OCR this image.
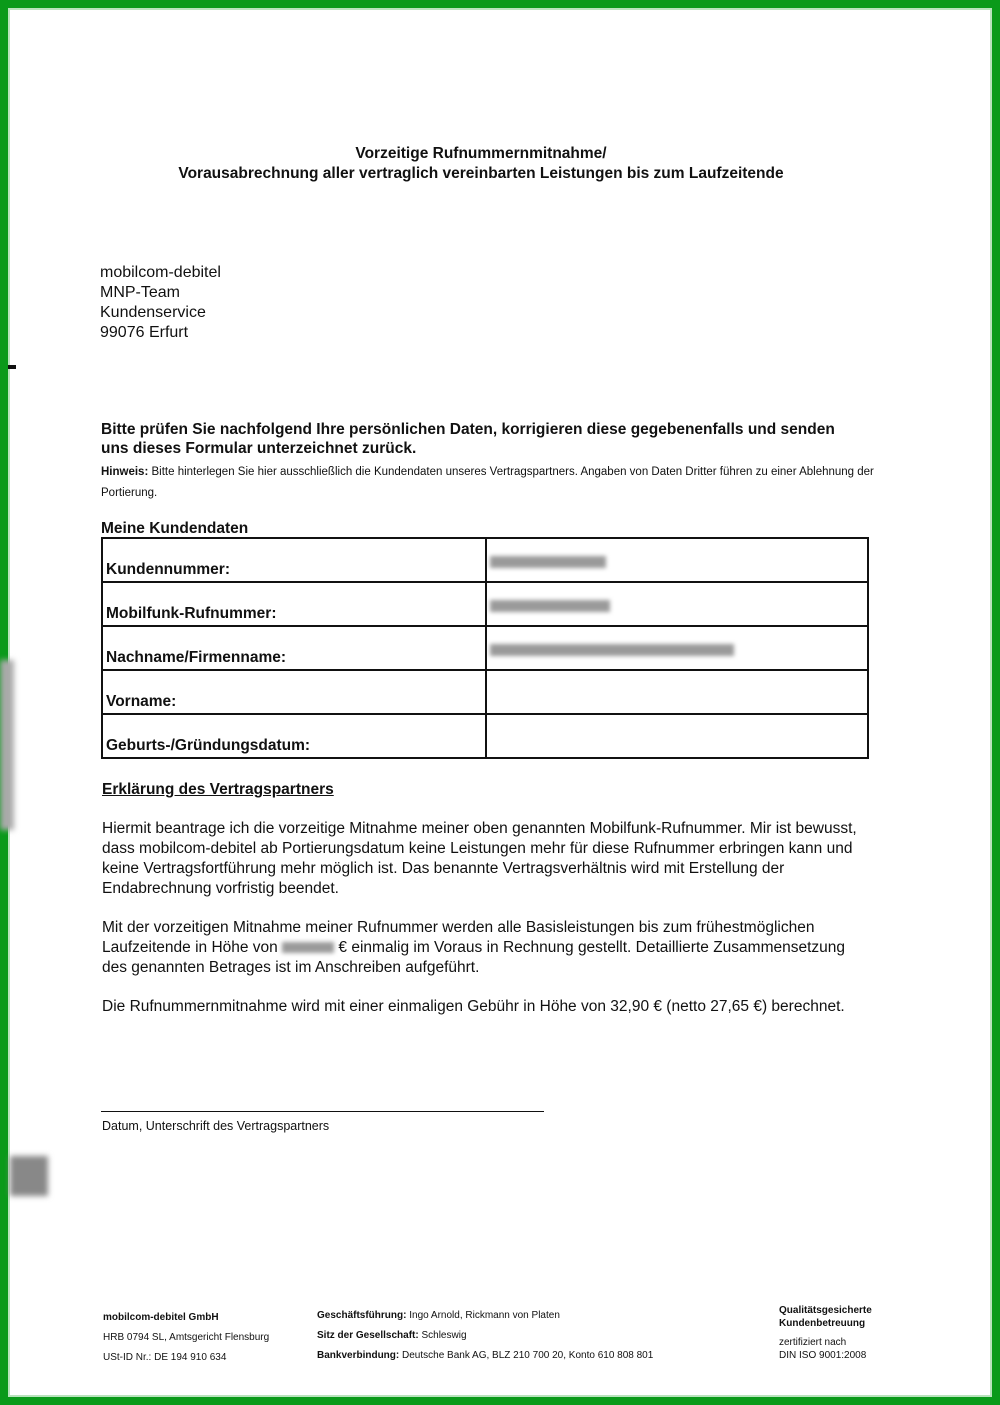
Vorzeitige Rufnummernmitnahme/
Vorausabrechnung aller vertraglich vereinbarten Leistungen bis zum Laufzeitende
mobilcom-debitel
MNP-Team
Kundenservice
99076 Erfurt
Bitte prüfen Sie nachfolgend Ihre persönlichen Daten, korrigieren diese gegebenenfalls und senden uns dieses Formular unterzeichnet zurück.
Hinweis: Bitte hinterlegen Sie hier ausschließlich die Kundendaten unseres Vertragspartners. Angaben von Daten Dritter führen zu einer Ablehnung der Portierung.
Meine Kundendaten
Kundennummer:	
Mobilfunk-Rufnummer:	
Nachname/Firmenname:	
Vorname:	
Geburts-/Gründungsdatum:	
Erklärung des Vertragspartners

Hiermit beantrage ich die vorzeitige Mitnahme meiner oben genannten Mobilfunk-Rufnummer. Mir ist bewusst, dass mobilcom-debitel ab Portierungsdatum keine Leistungen mehr für diese Rufnummer erbringen kann und keine Vertragsfortführung mehr möglich ist. Das benannte Vertragsverhältnis wird mit Erstellung der Endabrechnung vorfristig beendet.

Mit der vorzeitigen Mitnahme meiner Rufnummer werden alle Basisleistungen bis zum frühestmöglichen Laufzeitende in Höhe von	€ einmalig im Voraus in Rechnung gestellt. Detaillierte Zusammensetzung des genannten Betrages ist im Anschreiben aufgeführt.

Die Rufnummernmitnahme wird mit einer einmaligen Gebühr in Höhe von 32,90 € (netto 27,65 €) berechnet.

Datum, Unterschrift des Vertragspartners
mobilcom-debitel GmbH
HRB 0794 SL, Amtsgericht Flensburg
USt-ID Nr.: DE 194 910 634
Geschäftsführung: Ingo Arnold, Rickmann von Platen
Sitz der Gesellschaft: Schleswig
Bankverbindung: Deutsche Bank AG, BLZ 210 700 20, Konto 610 808 801
Qualitätsgesicherte
Kundenbetreuung
zertifiziert nach
DIN ISO 9001:2008
